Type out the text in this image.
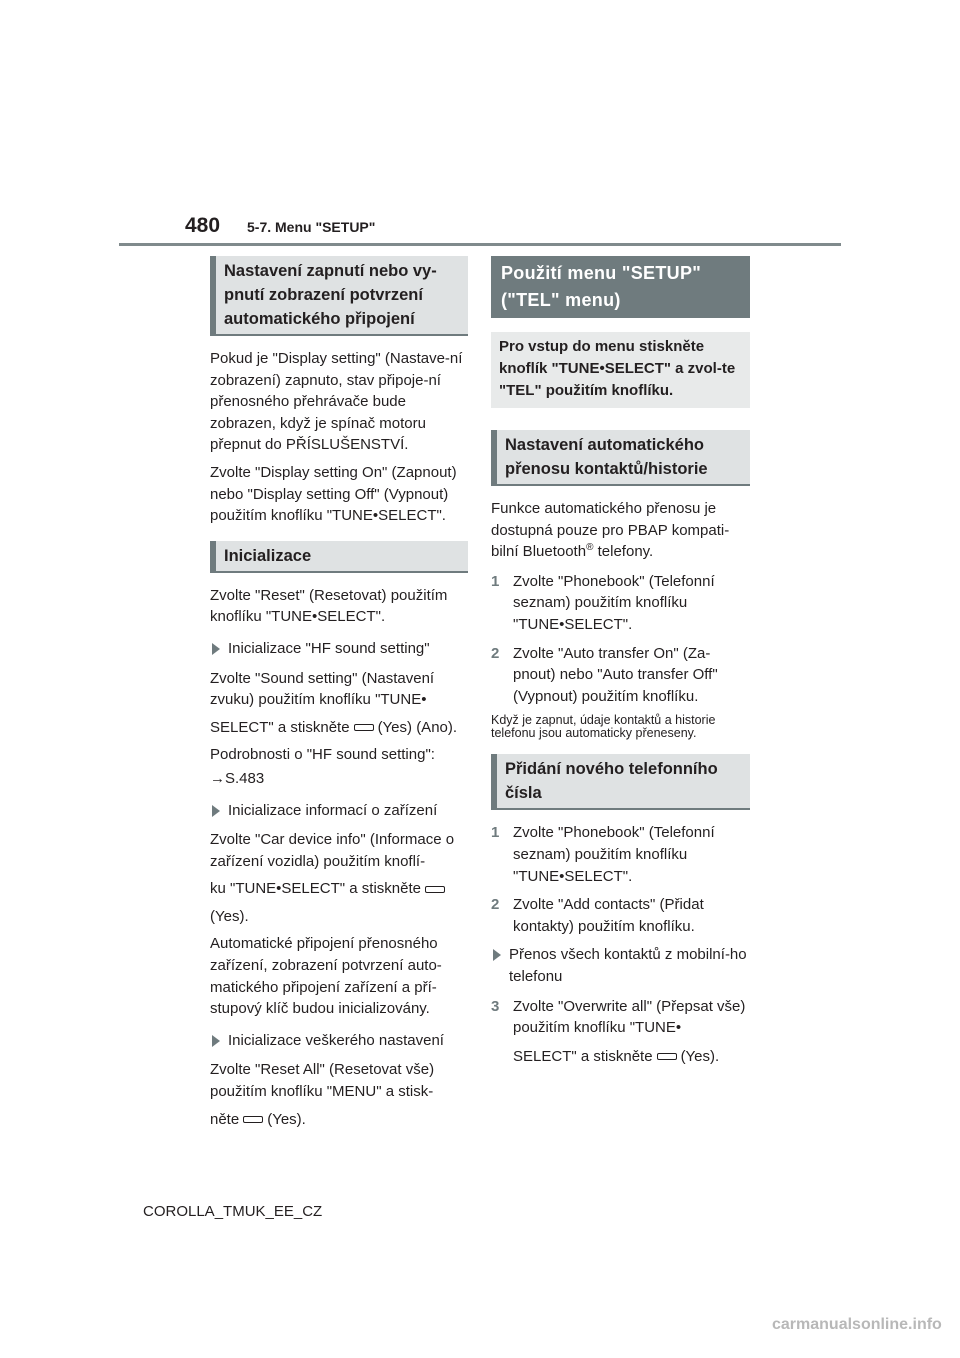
480 5-7. Menu "SETUP"
Nastavení zapnutí nebo vy-pnutí zobrazení potvrzení automatického připojení

Pokud je "Display setting" (Nastave-ní zobrazení) zapnuto, stav připoje-ní přenosného přehrávače bude zobrazen, když je spínač motoru přepnut do PŘÍSLUŠENSTVÍ.

Zvolte "Display setting On" (Zapnout) nebo "Display setting Off" (Vypnout) použitím knoflíku "TUNE•SELECT".

Inicializace

Zvolte "Reset" (Resetovat) použitím knoflíku "TUNE•SELECT".

Inicializace "HF sound setting"

Zvolte "Sound setting" (Nastavení zvuku) použitím knoflíku "TUNE•

SELECT" a stiskněte (Yes) (Ano).

Podrobnosti o "HF sound setting":

→S.483

Inicializace informací o zařízení

Zvolte "Car device info" (Informace o zařízení vozidla) použitím knoflí-

ku "TUNE•SELECT" a stiskněte

(Yes).

Automatické připojení přenosného zařízení, zobrazení potvrzení auto-matického připojení zařízení a pří-stupový klíč budou inicializovány.

Inicializace veškerého nastavení

Zvolte "Reset All" (Resetovat vše) použitím knoflíku "MENU" a stisk-

něte (Yes).

Použití menu "SETUP" ("TEL" menu)
Pro vstup do menu stiskněte knoflík "TUNE•SELECT" a zvol-te "TEL" použitím knoflíku.
Nastavení automatického přenosu kontaktů/historie

Funkce automatického přenosu je dostupná pouze pro PBAP kompati-bilní Bluetooth® telefony.

1 Zvolte "Phonebook" (Telefonní seznam) použitím knoflíku "TUNE•SELECT".
2 Zvolte "Auto transfer On" (Za-pnout) nebo "Auto transfer Off" (Vypnout) použitím knoflíku.

Když je zapnut, údaje kontaktů a historie telefonu jsou automaticky přeneseny.

Přidání nového telefonního čísla
1 Zvolte "Phonebook" (Telefonní seznam) použitím knoflíku "TUNE•SELECT".
2 Zvolte "Add contacts" (Přidat kontakty) použitím knoflíku.
Přenos všech kontaktů z mobilní-ho telefonu
3 Zvolte "Overwrite all" (Přepsat vše) použitím knoflíku "TUNE•

SELECT" a stiskněte (Yes).

COROLLA_TMUK_EE_CZ
carmanualsonline.info
